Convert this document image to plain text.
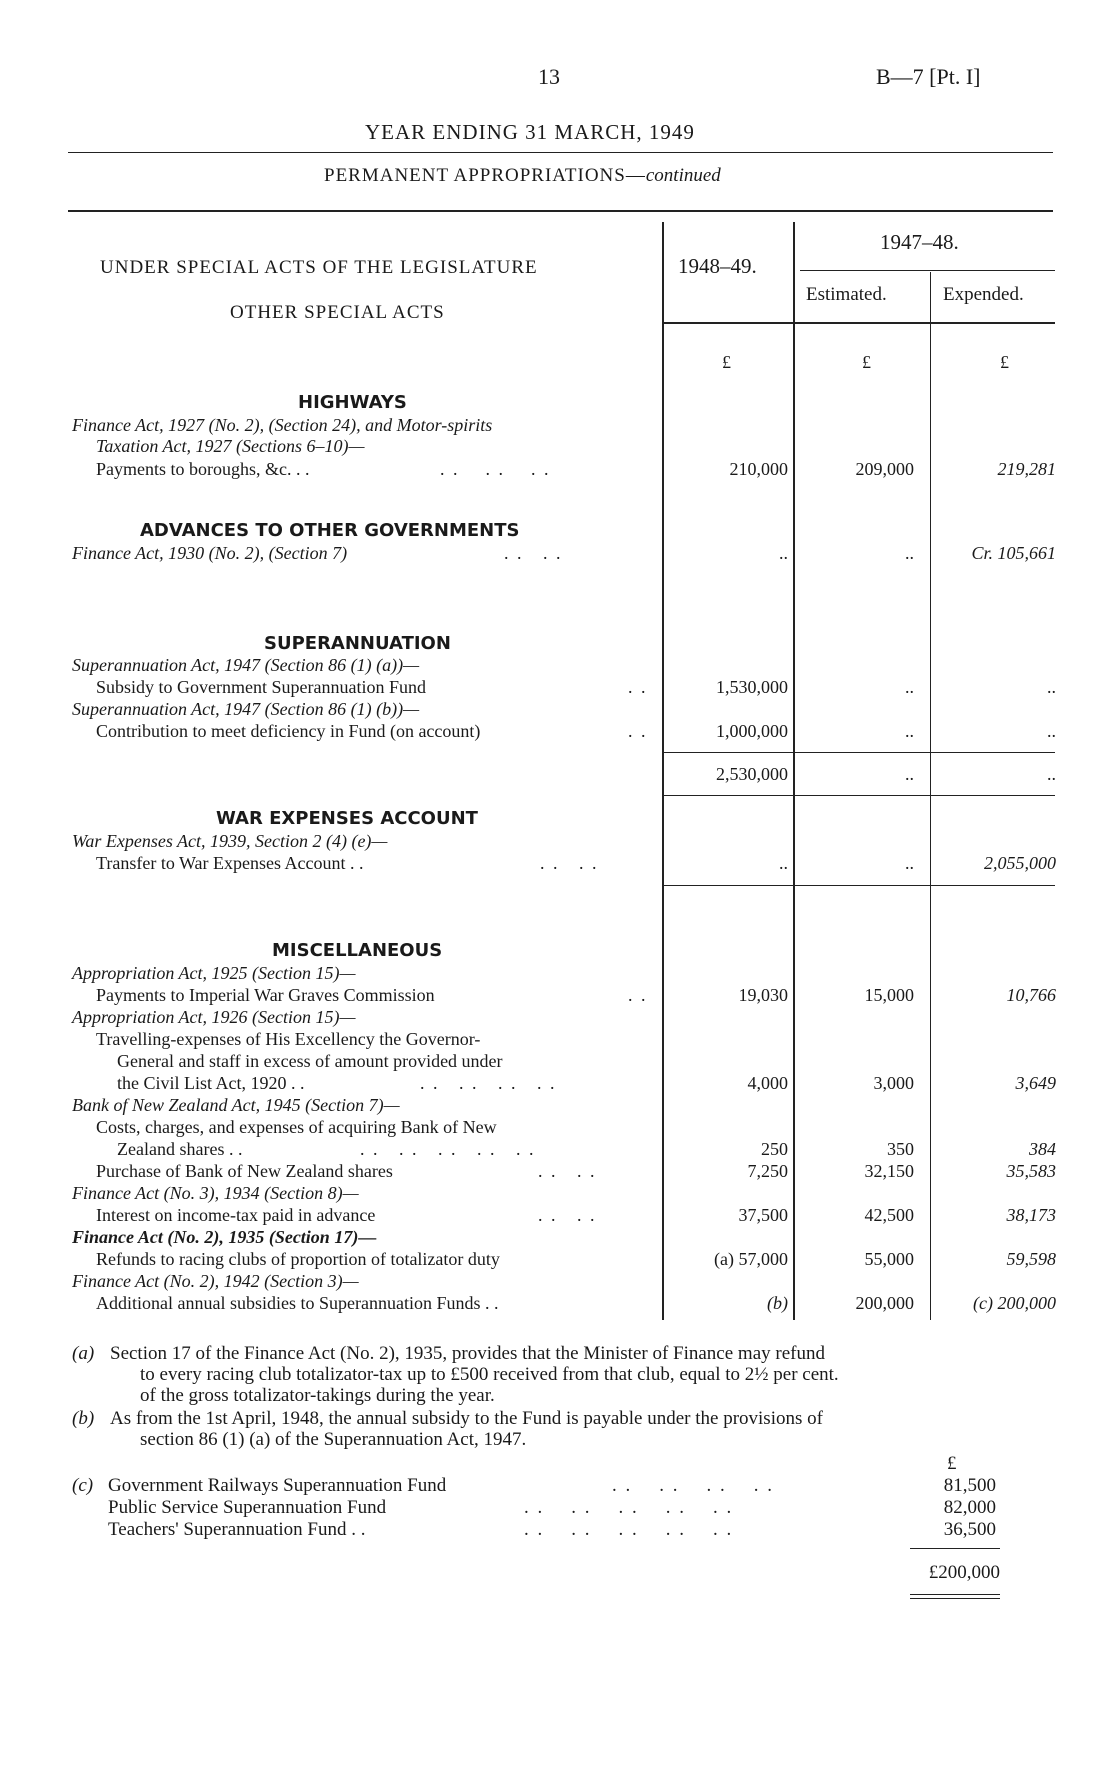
13	B—7 [Pt. I]
YEAR ENDING 31 MARCH, 1949
PERMANENT APPROPRIATIONS—continued
UNDER SPECIAL ACTS OF THE LEGISLATURE
OTHER SPECIAL ACTS
1948–49.
1947–48.
Estimated.	Expended.
£	£	£
HIGHWAYS
Finance Act, 1927 (No. 2), (Section 24), and Motor-spirits
Taxation Act, 1927 (Sections 6–10)—
Payments to boroughs, &c. . .	. .    . .    . .	210,000	209,000	219,281
ADVANCES TO OTHER GOVERNMENTS
Finance Act, 1930 (No. 2), (Section 7)	. .   . .	..	..	Cr. 105,661
SUPERANNUATION
Superannuation Act, 1947 (Section 86 (1) (a))—
Subsidy to Government Superannuation Fund	. .	1,530,000	..	..
Superannuation Act, 1947 (Section 86 (1) (b))—
Contribution to meet deficiency in Fund (on account)	. .	1,000,000	..	..
2,530,000	..	..
WAR EXPENSES ACCOUNT
War Expenses Act, 1939, Section 2 (4) (e)—
Transfer to War Expenses Account . .	. .   . .	..	..	2,055,000
MISCELLANEOUS
Appropriation Act, 1925 (Section 15)—
Payments to Imperial War Graves Commission	. .	19,030	15,000	10,766
Appropriation Act, 1926 (Section 15)—
Travelling-expenses of His Excellency the Governor-
General and staff in excess of amount provided under
the Civil List Act, 1920 . .	. .   . .   . .   . .	4,000	3,000	3,649
Bank of New Zealand Act, 1945 (Section 7)—
Costs, charges, and expenses of acquiring Bank of New
Zealand shares . .	. .   . .   . .   . .   . .	250	350	384
Purchase of Bank of New Zealand shares	. .   . .	7,250	32,150	35,583
Finance Act (No. 3), 1934 (Section 8)—
Interest on income-tax paid in advance	. .   . .	37,500	42,500	38,173
Finance Act (No. 2), 1935 (Section 17)—
Refunds to racing clubs of proportion of totalizator duty	(a) 57,000	55,000	59,598
Finance Act (No. 2), 1942 (Section 3)—
Additional annual subsidies to Superannuation Funds . .	(b)	200,000	(c) 200,000
(a) Section 17 of the Finance Act (No. 2), 1935, provides that the Minister of Finance may refund
to every racing club totalizator-tax up to £500 received from that club, equal to 2½ per cent.
of the gross totalizator-takings during the year.
(b) As from the 1st April, 1948, the annual subsidy to the Fund is payable under the provisions of
section 86 (1) (a) of the Superannuation Act, 1947.
£
(c) Government Railways Superannuation Fund	. .    . .    . .    . .	81,500
Public Service Superannuation Fund	. .    . .    . .    . .    . .	82,000
Teachers' Superannuation Fund . .	. .    . .    . .    . .    . .	36,500
£200,000
